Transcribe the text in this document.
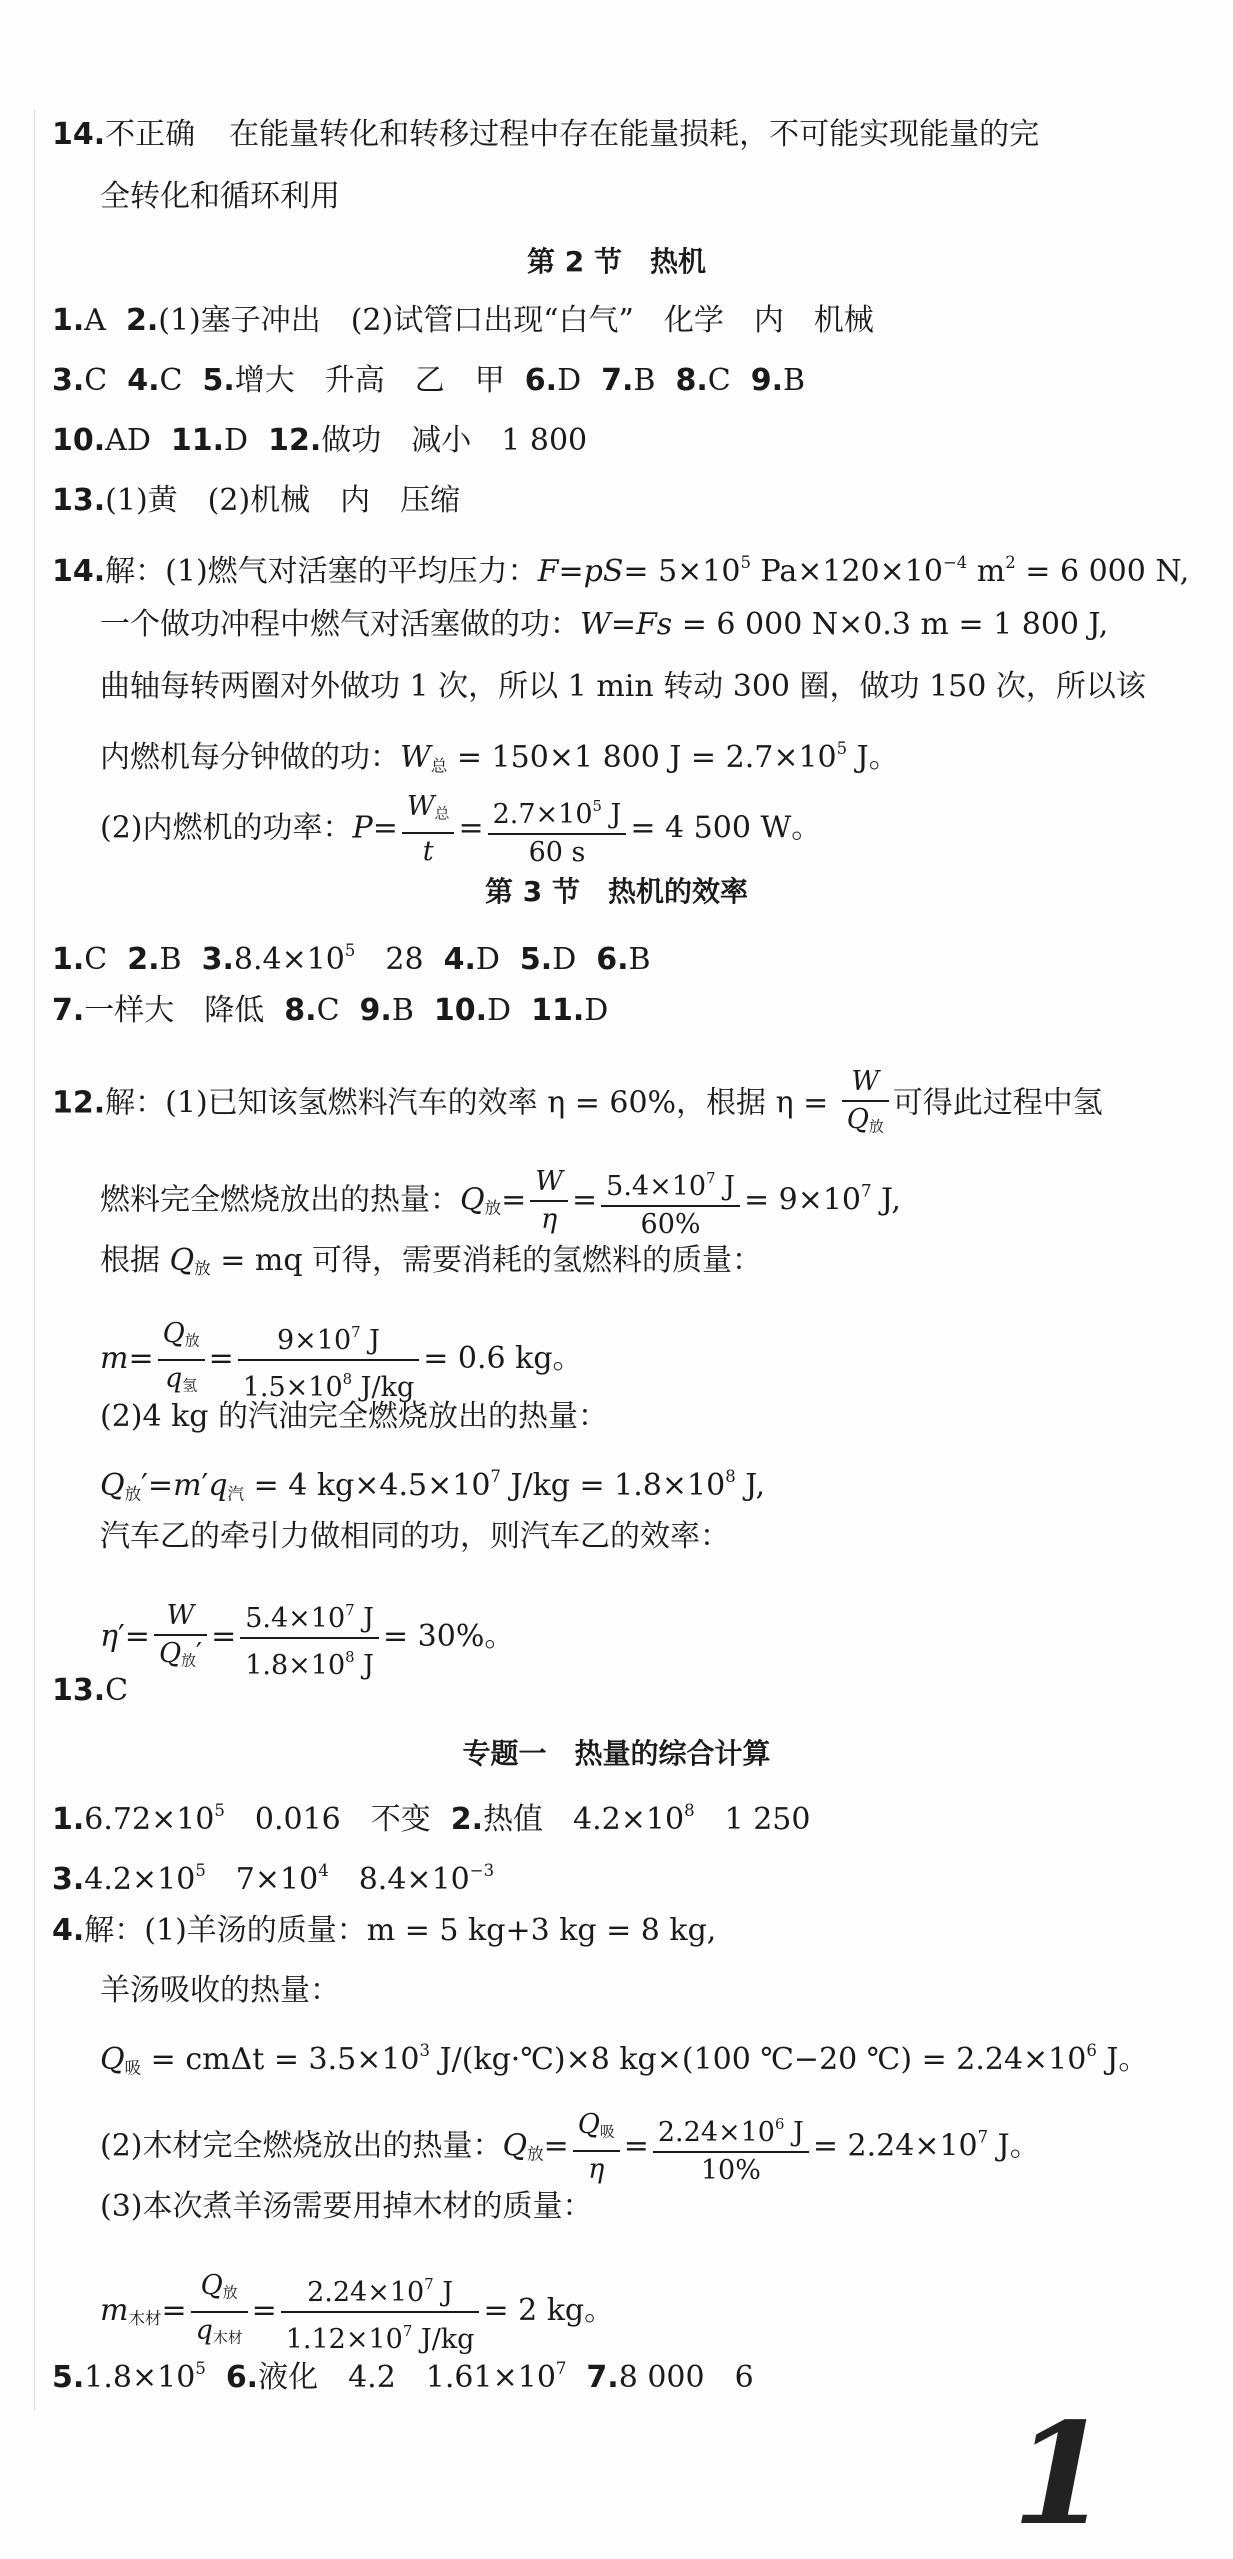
14.不正确 在能量转化和转移过程中存在能量损耗，不可能实现能量的完
全转化和循环利用
第 2 节 热机
1.A 2.(1)塞子冲出　(2)试管口出现“白气”　化学　内　机械
3.C 4.C 5.增大　升高　乙　甲 6.D 7.B 8.C 9.B
10.AD 11.D 12.做功　减小　1 800
13.(1)黄　(2)机械　内　压缩
14.解：(1)燃气对活塞的平均压力：$F=pS= 5\times 10^5$ $Pa\times 120\times 10^{-4}$ $m^2 = 6$ 000 N,
一个做功冲程中燃气对活塞做的功：W=Fs = 6 000 N×0.3 m = 1 800 J,
曲轴每转两圈对外做功 1 次，所以 1 min 转动 300 圈，做功 150 次，所以该
内燃机每分钟做的功：$W_总 = 150\times 1$ 800 $J = 2.7\times 10^5$ J。
(2)内燃机的功率：$P= \frac{W_总}{t} = \frac{2.7\times 10^5 J}{60 s} = 4$ 500 W。
第 3 节 热机的效率
1.C 2.B $3.8.4\times 10^5$　28 4.D 5.D 6.B
7.一样大　降低 8.C 9.B 10.D 11.D
12.解：(1)已知该氢燃料汽车的效率 η = 60%，根据 $\eta = \frac{W}{Q_放}$ 可得此过程中氢
燃料完全燃烧放出的热量：$Q_放= \frac{W}{\eta} = \frac{5.4\times 10^7 J}{60\%} = 9\times 10^7$ J,
根据 $Q_放$ = mq 可得，需要消耗的氢燃料的质量：
$m= \frac{Q_放}{q_氢} = \frac{9\times 10^7 J}{1.5\times 10^8 J/kg} = 0.6$ kg。
(2)4 kg 的汽油完全燃烧放出的热量：
$Q_放'=m'q_汽 = 4$ $kg\times 4.5\times 10^7$ $J/kg = 1.8\times 10^8$ J,
汽车乙的牵引力做相同的功，则汽车乙的效率：
$\eta'= \frac{W}{Q_放'} = \frac{5.4\times 10^7 J}{1.8\times 10^8 J} = 30\%$。
13.C
专题一 热量的综合计算
$1.6.72\times 10^5$　0.016　不变 2.热值　$4.2\times 10^8$　1 250
$3.4.2\times 10^5$　$7\times 10^4$　$8.4\times 10^{-3}$
4.解：(1)羊汤的质量：m = 5 kg+3 kg = 8 kg,
羊汤吸收的热量：
$Q_吸 = cm\Delta t = 3.5\times 10^3$ J/(kg·℃)×8 kg×(100 ℃−20 ℃) = $2.24\times 10^6$ J。
(2)木材完全燃烧放出的热量：$Q_放= \frac{Q_吸}{\eta} = \frac{2.24\times 10^6 J}{10\%} = 2.24\times 10^7$ J。
(3)本次煮羊汤需要用掉木材的质量：
$m_{木材}= \frac{Q_放}{q_{木材}} = \frac{2.24\times 10^7 J}{1.12\times 10^7 J/kg} = 2$ kg。
$5.1.8\times 10^5$ 6.液化　4.2　$1.61\times 10^7$ 7.8 000　6
1
